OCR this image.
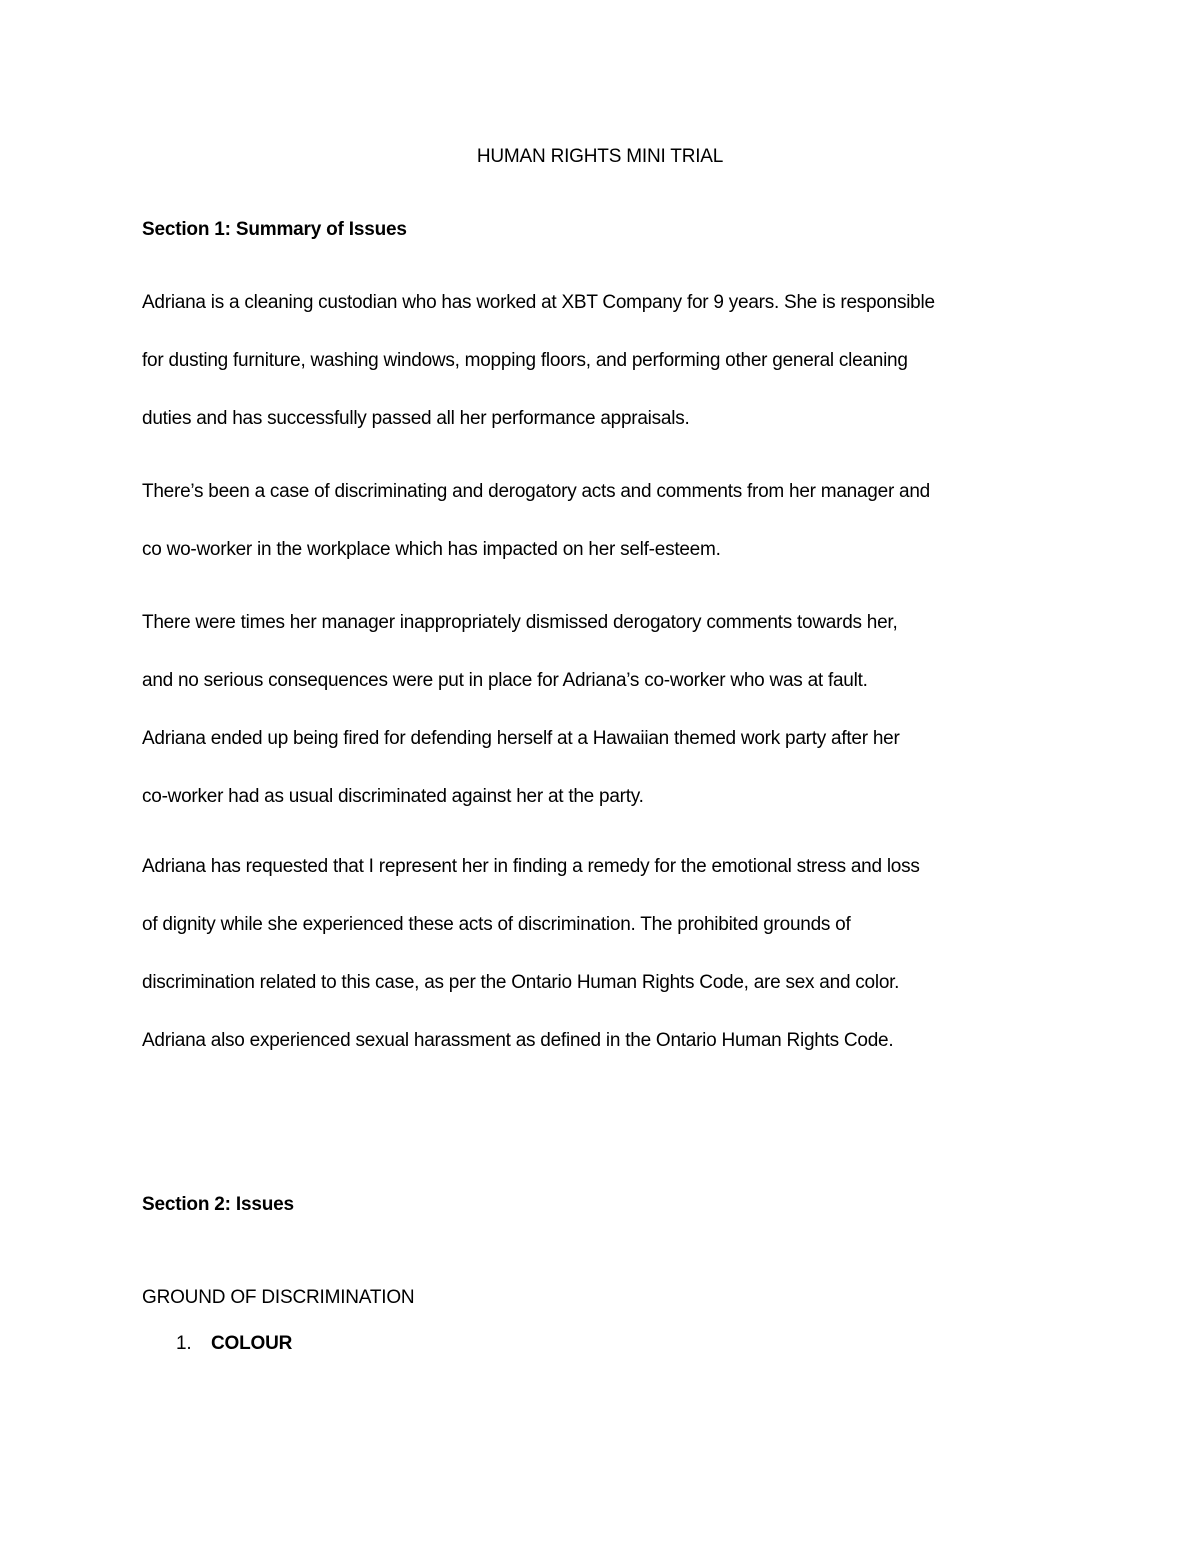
HUMAN RIGHTS MINI TRIAL
Section 1: Summary of Issues
Adriana is a cleaning custodian who has worked at XBT Company for 9 years. She is responsible
for dusting furniture, washing windows, mopping floors, and performing other general cleaning
duties and has successfully passed all her performance appraisals.
There’s been a case of discriminating and derogatory acts and comments from her manager and
co wo-worker in the workplace which has impacted on her self-esteem.
There were times her manager inappropriately dismissed derogatory comments towards her,
and no serious consequences were put in place for Adriana’s co-worker who was at fault.
Adriana ended up being fired for defending herself at a Hawaiian themed work party after her
co-worker had as usual discriminated against her at the party.
Adriana has requested that I represent her in finding a remedy for the emotional stress and loss
of dignity while she experienced these acts of discrimination. The prohibited grounds of
discrimination related to this case, as per the Ontario Human Rights Code, are sex and color.
Adriana also experienced sexual harassment as defined in the Ontario Human Rights Code.
Section 2: Issues
GROUND OF DISCRIMINATION
1. COLOUR
